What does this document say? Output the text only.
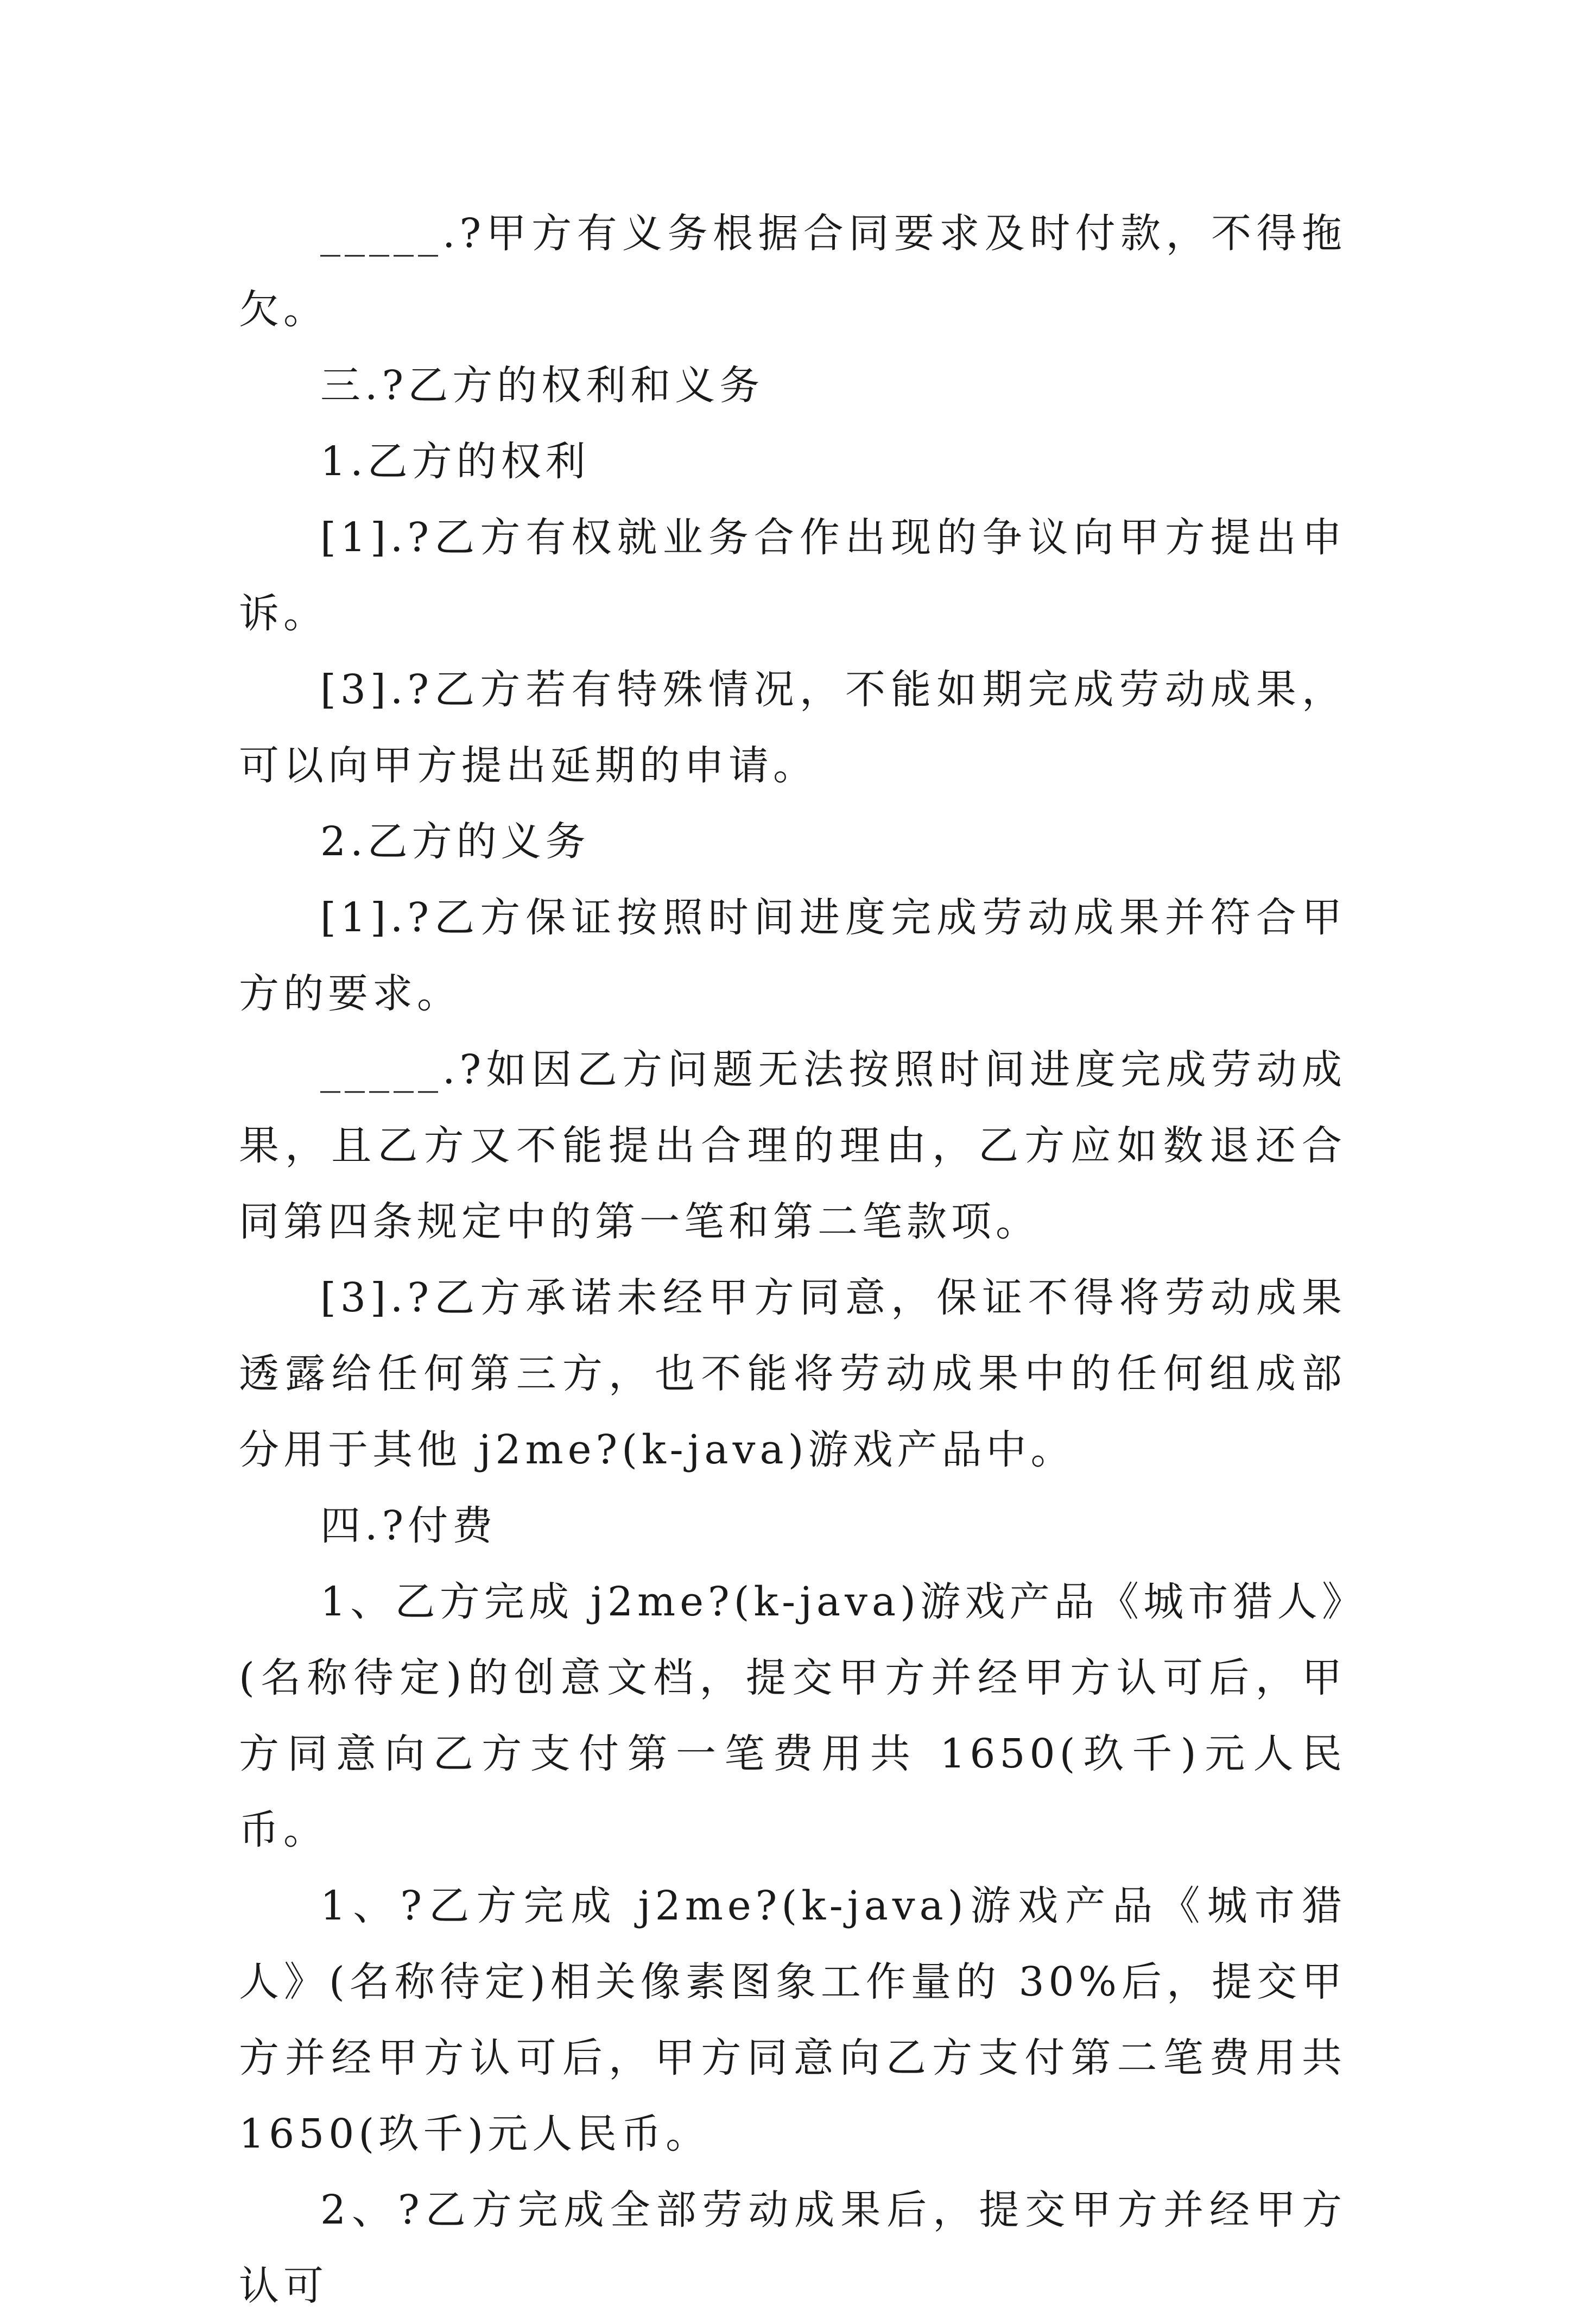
_____.?甲方有义务根据合同要求及时付款，不得拖欠。

三.?乙方的权利和义务

1.乙方的权利

[1].?乙方有权就业务合作出现的争议向甲方提出申诉。

[3].?乙方若有特殊情况，不能如期完成劳动成果，可以向甲方提出延期的申请。

2.乙方的义务

[1].?乙方保证按照时间进度完成劳动成果并符合甲方的要求。

_____.?如因乙方问题无法按照时间进度完成劳动成果，且乙方又不能提出合理的理由，乙方应如数退还合同第四条规定中的第一笔和第二笔款项。

[3].?乙方承诺未经甲方同意，保证不得将劳动成果透露给任何第三方，也不能将劳动成果中的任何组成部分用于其他 j2me?(k-java)游戏产品中。

四.?付费

1、乙方完成 j2me?(k-java)游戏产品《城市猎人》(名称待定)的创意文档，提交甲方并经甲方认可后，甲方同意向乙方支付第一笔费用共 1650(玖千)元人民币。

1、?乙方完成 j2me?(k-java)游戏产品《城市猎人》(名称待定)相关像素图象工作量的 30%后，提交甲方并经甲方认可后，甲方同意向乙方支付第二笔费用共 1650(玖千)元人民币。

2、?乙方完成全部劳动成果后，提交甲方并经甲方认可
